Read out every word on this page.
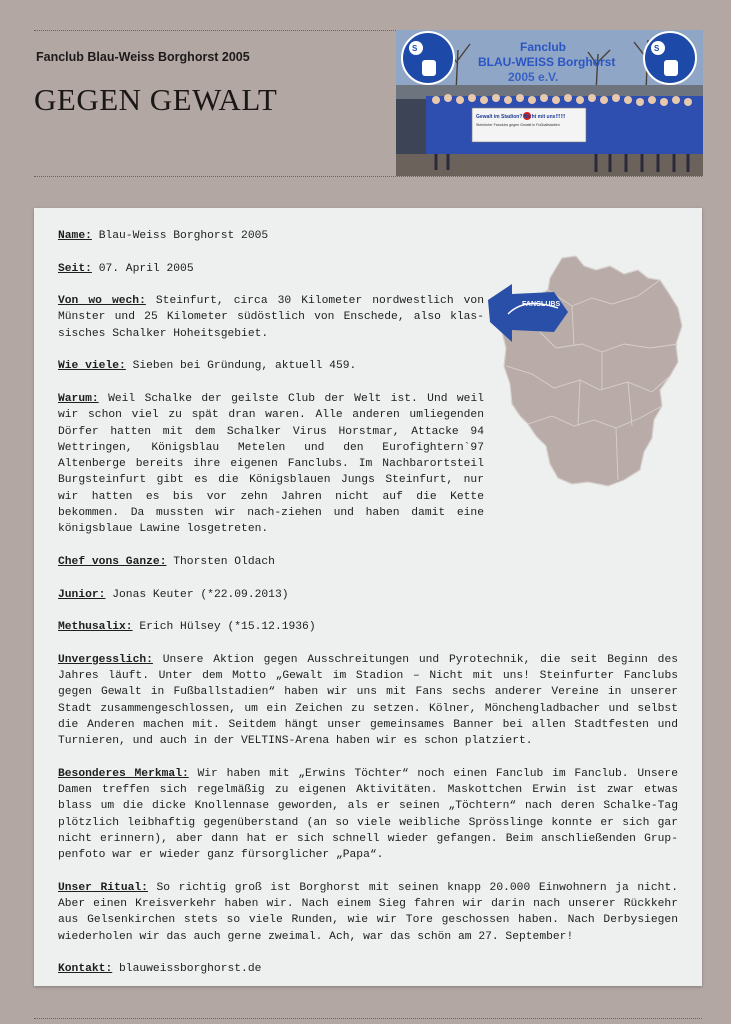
Fanclub Blau-Weiss Borghorst 2005
GEGEN GEWALT	Gewalt im Stadion? Nicht mit uns!!!!!!
Steinfurter Fanclubs gegen Gewalt in Fußballstadien
Fanclub
BLAU-WEISS Borghorst
2005 e.V.
S	S
FANCLUBS

Name: Blau-Weiss Borghorst 2005

Seit: 07. April 2005

Von wo wech: Steinfurt, circa 30 Kilometer nordwestlich von Münster und 25 Kilometer südöstlich von Enschede, also klas-sisches Schalker Hoheitsgebiet.

Wie viele: Sieben bei Gründung, aktuell 459.

Warum: Weil Schalke der geilste Club der Welt ist. Und weil wir schon viel zu spät dran waren. Alle anderen umliegenden Dörfer hatten mit dem Schalker Virus Horstmar, Attacke 94 Wettringen, Königsblau Metelen und den Eurofightern`97 Altenberge bereits ihre eigenen Fanclubs. Im Nachbarortsteil Burgsteinfurt gibt es die Königsblauen Jungs Steinfurt, nur wir hatten es bis vor zehn Jahren nicht auf die Kette bekommen. Da mussten wir nach-ziehen und haben damit eine königsblaue Lawine losgetreten.

Chef vons Ganze: Thorsten Oldach

Junior: Jonas Keuter (*22.09.2013)

Methusalix: Erich Hülsey (*15.12.1936)

Unvergesslich: Unsere Aktion gegen Ausschreitungen und Pyrotechnik, die seit Beginn des Jahres läuft. Unter dem Motto „Gewalt im Stadion – Nicht mit uns! Steinfurter Fanclubs gegen Gewalt in Fußballstadien“ haben wir uns mit Fans sechs anderer Vereine in unserer Stadt zusammengeschlossen, um ein Zeichen zu setzen. Kölner, Mönchengladbacher und selbst die Anderen machen mit. Seitdem hängt unser gemeinsames Banner bei allen Stadtfesten und Turnieren, und auch in der VELTINS-Arena haben wir es schon platziert.

Besonderes Merkmal: Wir haben mit „Erwins Töchter“ noch einen Fanclub im Fanclub. Unsere Damen treffen sich regelmäßig zu eigenen Aktivitäten. Maskottchen Erwin ist zwar etwas blass um die dicke Knollennase geworden, als er seinen „Töchtern“ nach deren Schalke-Tag plötzlich leibhaftig gegenüberstand (an so viele weibliche Sprösslinge konnte er sich gar nicht erinnern), aber dann hat er sich schnell wieder gefangen. Beim anschließenden Grup-penfoto war er wieder ganz fürsorglicher „Papa“.

Unser Ritual: So richtig groß ist Borghorst mit seinen knapp 20.000 Einwohnern ja nicht. Aber einen Kreisverkehr haben wir. Nach einem Sieg fahren wir darin nach unserer Rückkehr aus Gelsenkirchen stets so viele Runden, wie wir Tore geschossen haben. Nach Derbysiegen wiederholen wir das auch gerne zweimal. Ach, war das schön am 27. September!

Kontakt: blauweissborghorst.de
